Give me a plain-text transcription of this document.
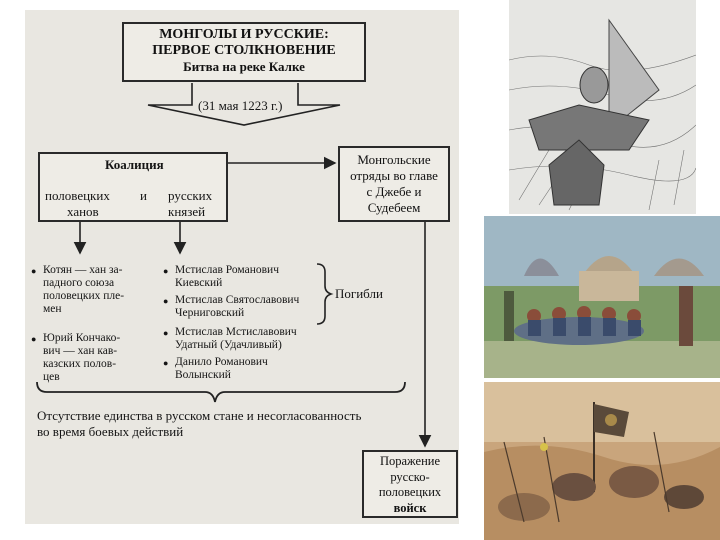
МОНГОЛЫ И РУССКИЕ:
ПЕРВОЕ СТОЛКНОВЕНИЕ
Битва на реке Калке
(31 мая 1223 г.)
Коалиция
половецких
ханов
и русских
князей
Монгольские
отряды во главе
с Джебе и
Судебеем
● Котян — хан за-
падного союза
половецких пле-
мен
● Юрий Кончако-
вич — хан кав-
казских полов-
цев
● Мстислав Романович
Киевский
● Мстислав Святославович
Черниговский
● Мстислав Мстиславович
Удатный (Удачливый)
● Данило Романович
Волынский
Погибли
Отсутствие единства в русском стане и несогласованность
во время боевых действий
Поражение
русско-
половецких
войск
